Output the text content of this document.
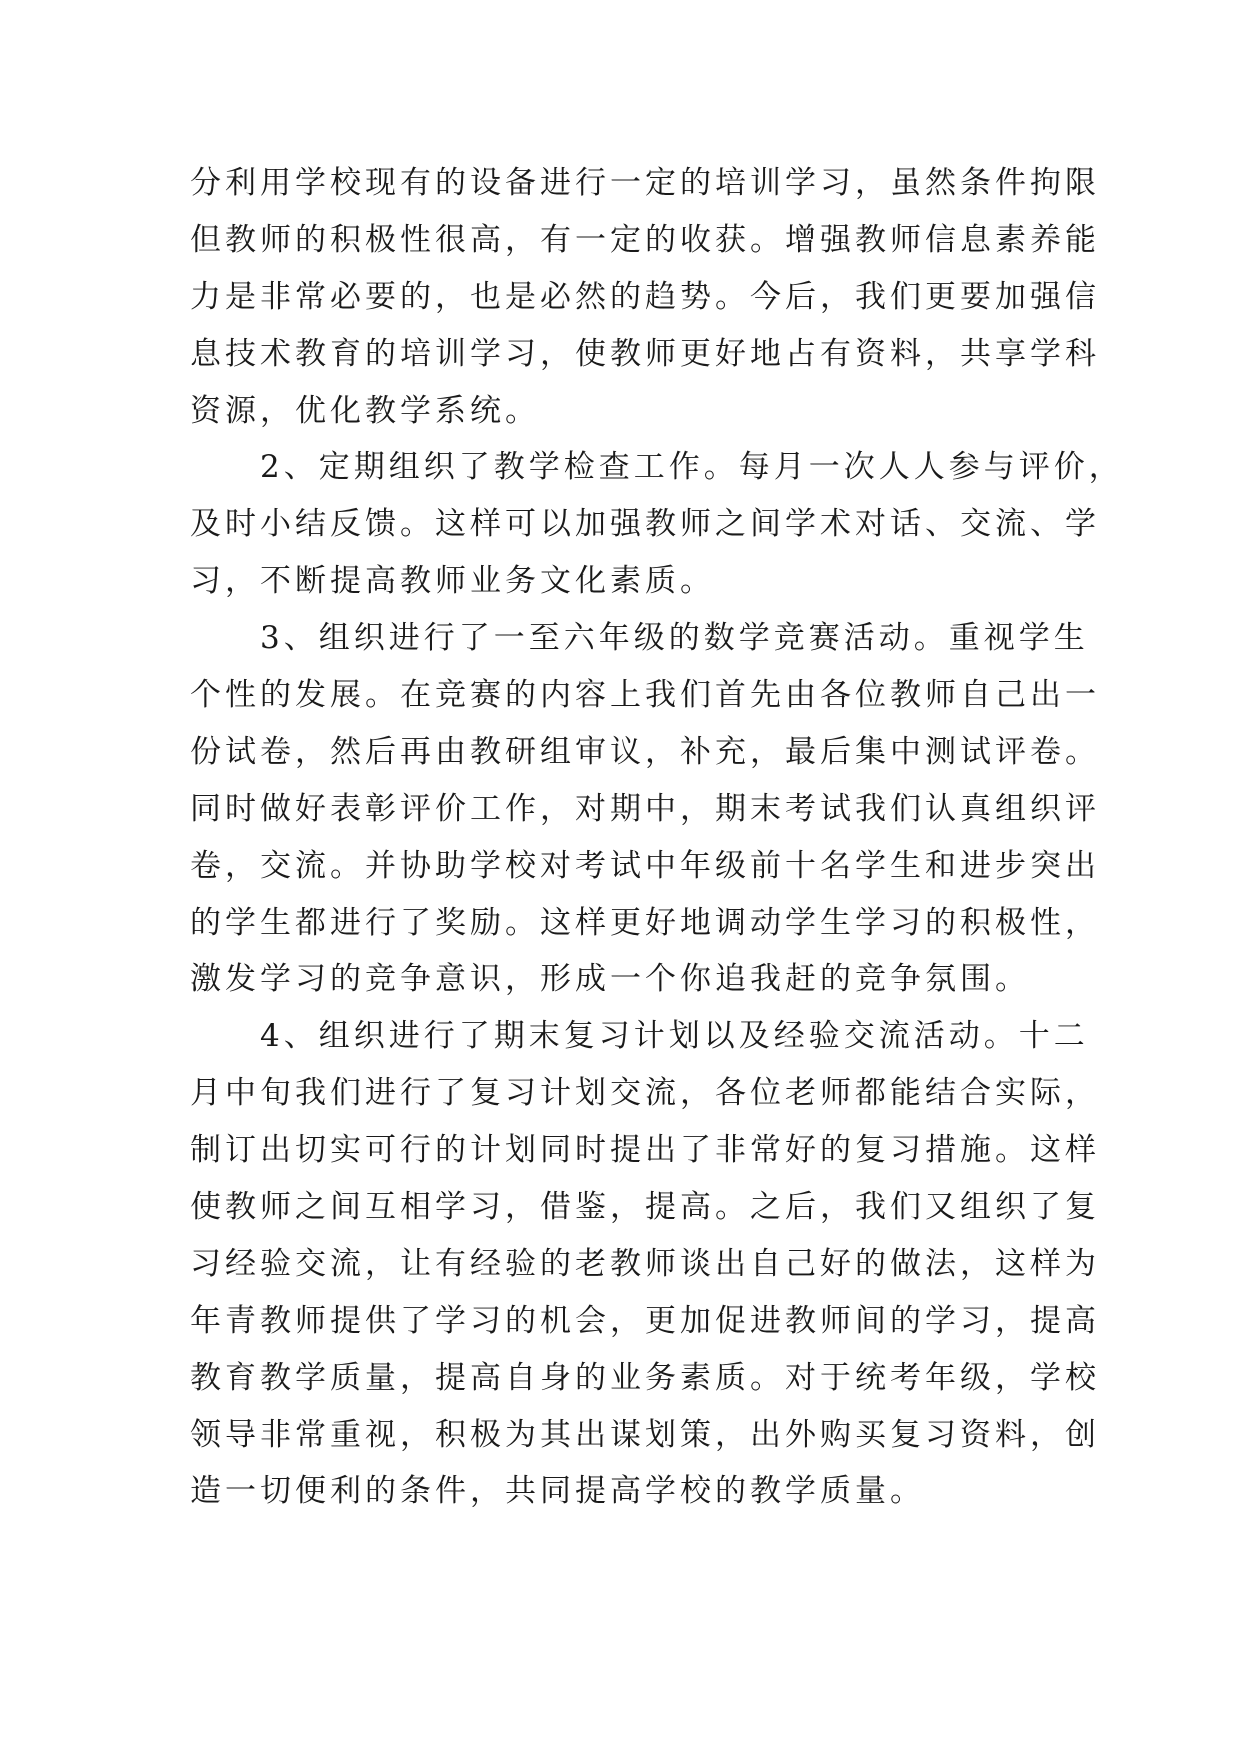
分利用学校现有的设备进行一定的培训学习，虽然条件拘限
但教师的积极性很高，有一定的收获。增强教师信息素养能
力是非常必要的，也是必然的趋势。今后，我们更要加强信
息技术教育的培训学习，使教师更好地占有资料，共享学科
资源，优化教学系统。
2、定期组织了教学检查工作。每月一次人人参与评价，
及时小结反馈。这样可以加强教师之间学术对话、交流、学
习，不断提高教师业务文化素质。
3、组织进行了一至六年级的数学竞赛活动。重视学生
个性的发展。在竞赛的内容上我们首先由各位教师自己出一
份试卷，然后再由教研组审议，补充，最后集中测试评卷。
同时做好表彰评价工作，对期中，期末考试我们认真组织评
卷，交流。并协助学校对考试中年级前十名学生和进步突出
的学生都进行了奖励。这样更好地调动学生学习的积极性，
激发学习的竞争意识，形成一个你追我赶的竞争氛围。
4、组织进行了期末复习计划以及经验交流活动。十二
月中旬我们进行了复习计划交流，各位老师都能结合实际，
制订出切实可行的计划同时提出了非常好的复习措施。这样
使教师之间互相学习，借鉴，提高。之后，我们又组织了复
习经验交流，让有经验的老教师谈出自己好的做法，这样为
年青教师提供了学习的机会，更加促进教师间的学习，提高
教育教学质量，提高自身的业务素质。对于统考年级，学校
领导非常重视，积极为其出谋划策，出外购买复习资料，创
造一切便利的条件，共同提高学校的教学质量。
